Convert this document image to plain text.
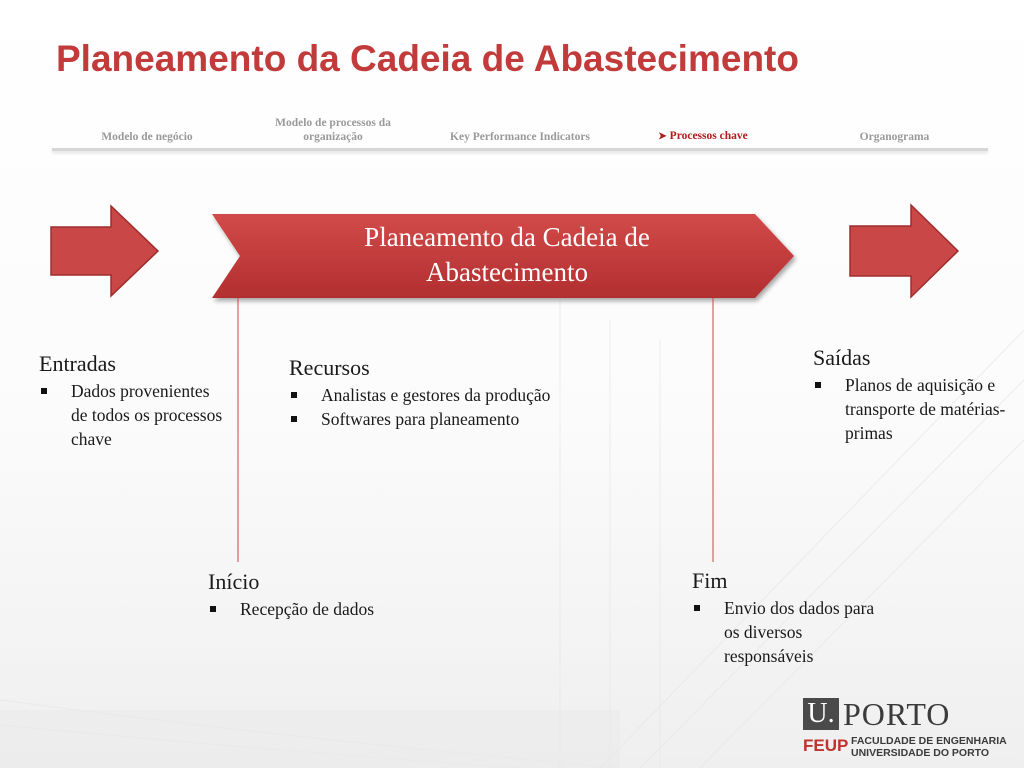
Planeamento da Cadeia de Abastecimento
Modelo de negócio
Modelo de processos da
organização	Key Performance Indicators	➤ Processos chave	Organograma
Planeamento da Cadeia de
Abastecimento
Entradas
Dados provenientes de todos os processos chave
Recursos
Analistas e gestores da produção
Softwares para planeamento
Saídas
Planos de aquisição e transporte de matérias-primas
Início
Recepção de dados
Fim
Envio dos dados para os diversos responsáveis
U. PORTO
FEUP FACULDADE DE ENGENHARIA
UNIVERSIDADE DO PORTO
